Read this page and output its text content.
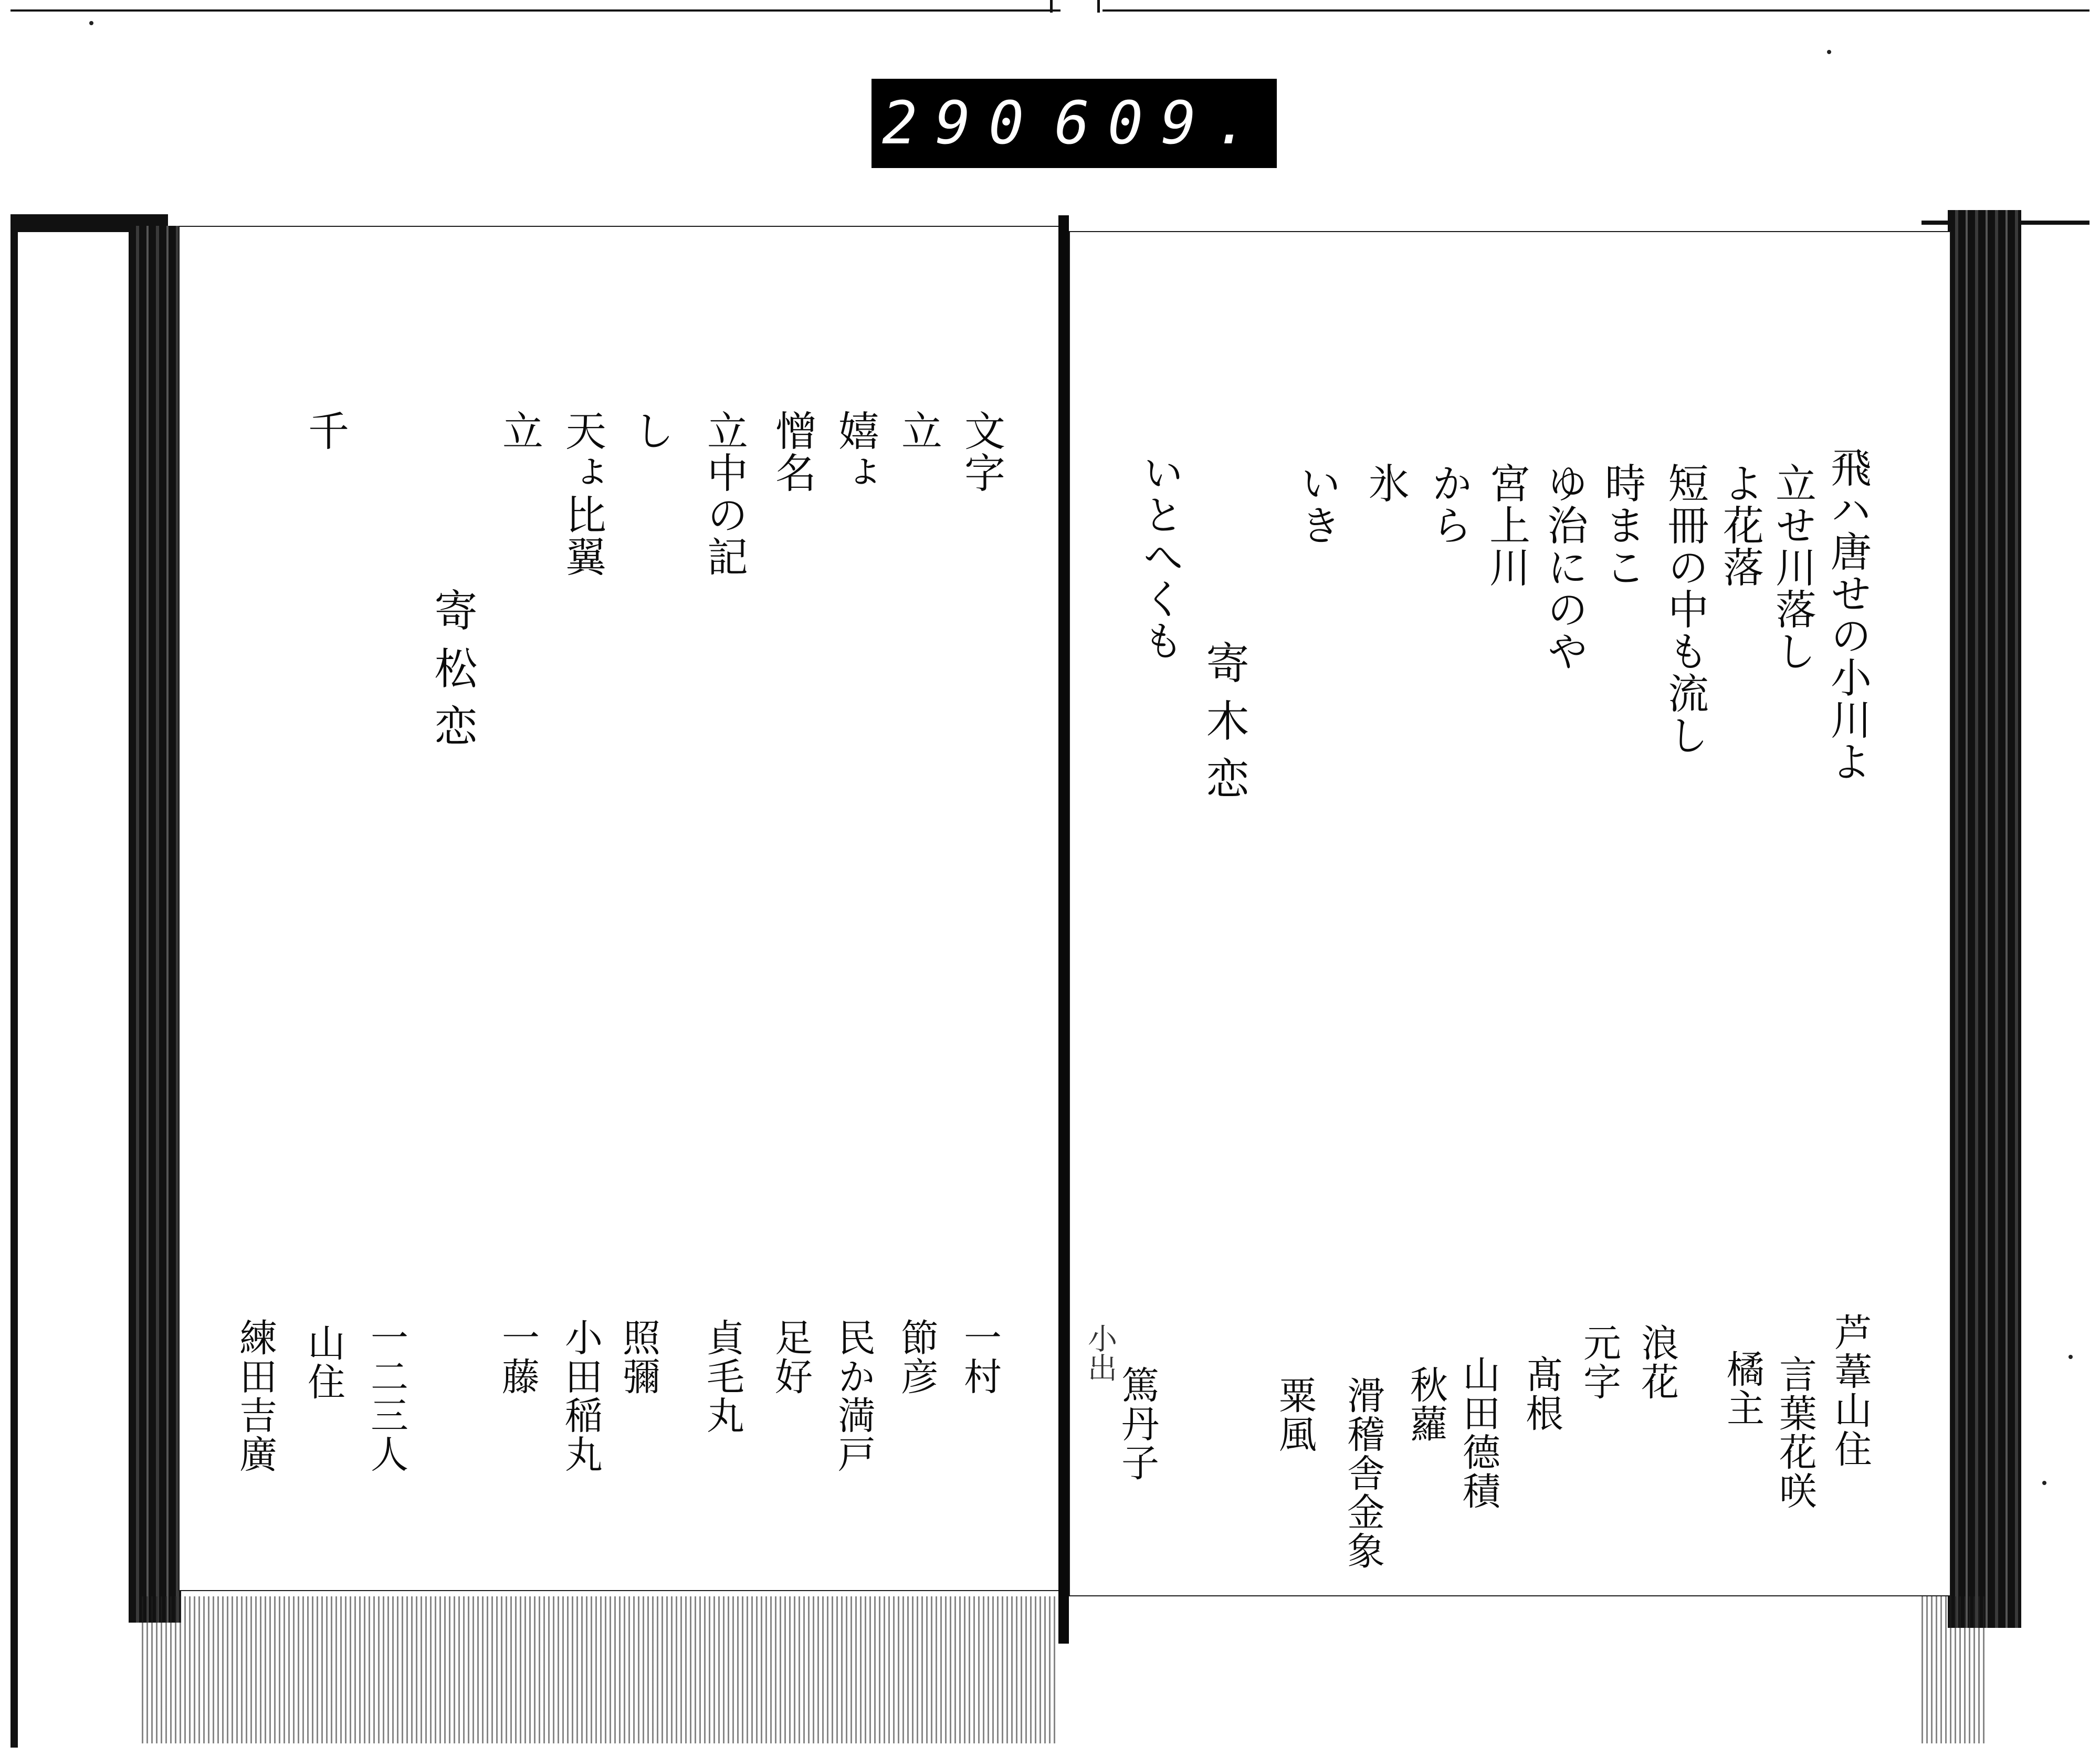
290 609.
飛ハ唐せの小川よ
芦葦山住
立せ川落し
言葉花咲
よ花落
橘主
短冊の中も流し
浪花
時まこ
元字
ゆ治にのや
髙根
宮上川
山田德積
から
秋蘿
氷
滑稽舎金象
いき
粟風
寄木恋
いとへくも
篤丹子
小出
文字
一村
立
節彦
嬉ょ
民か満戸
憎名
足好
立中の記
貞毛丸
し
照彌
天ょ比翼
小田稲丸
立
一藤
寄松恋
一二三人
千
山住
練田吉廣
